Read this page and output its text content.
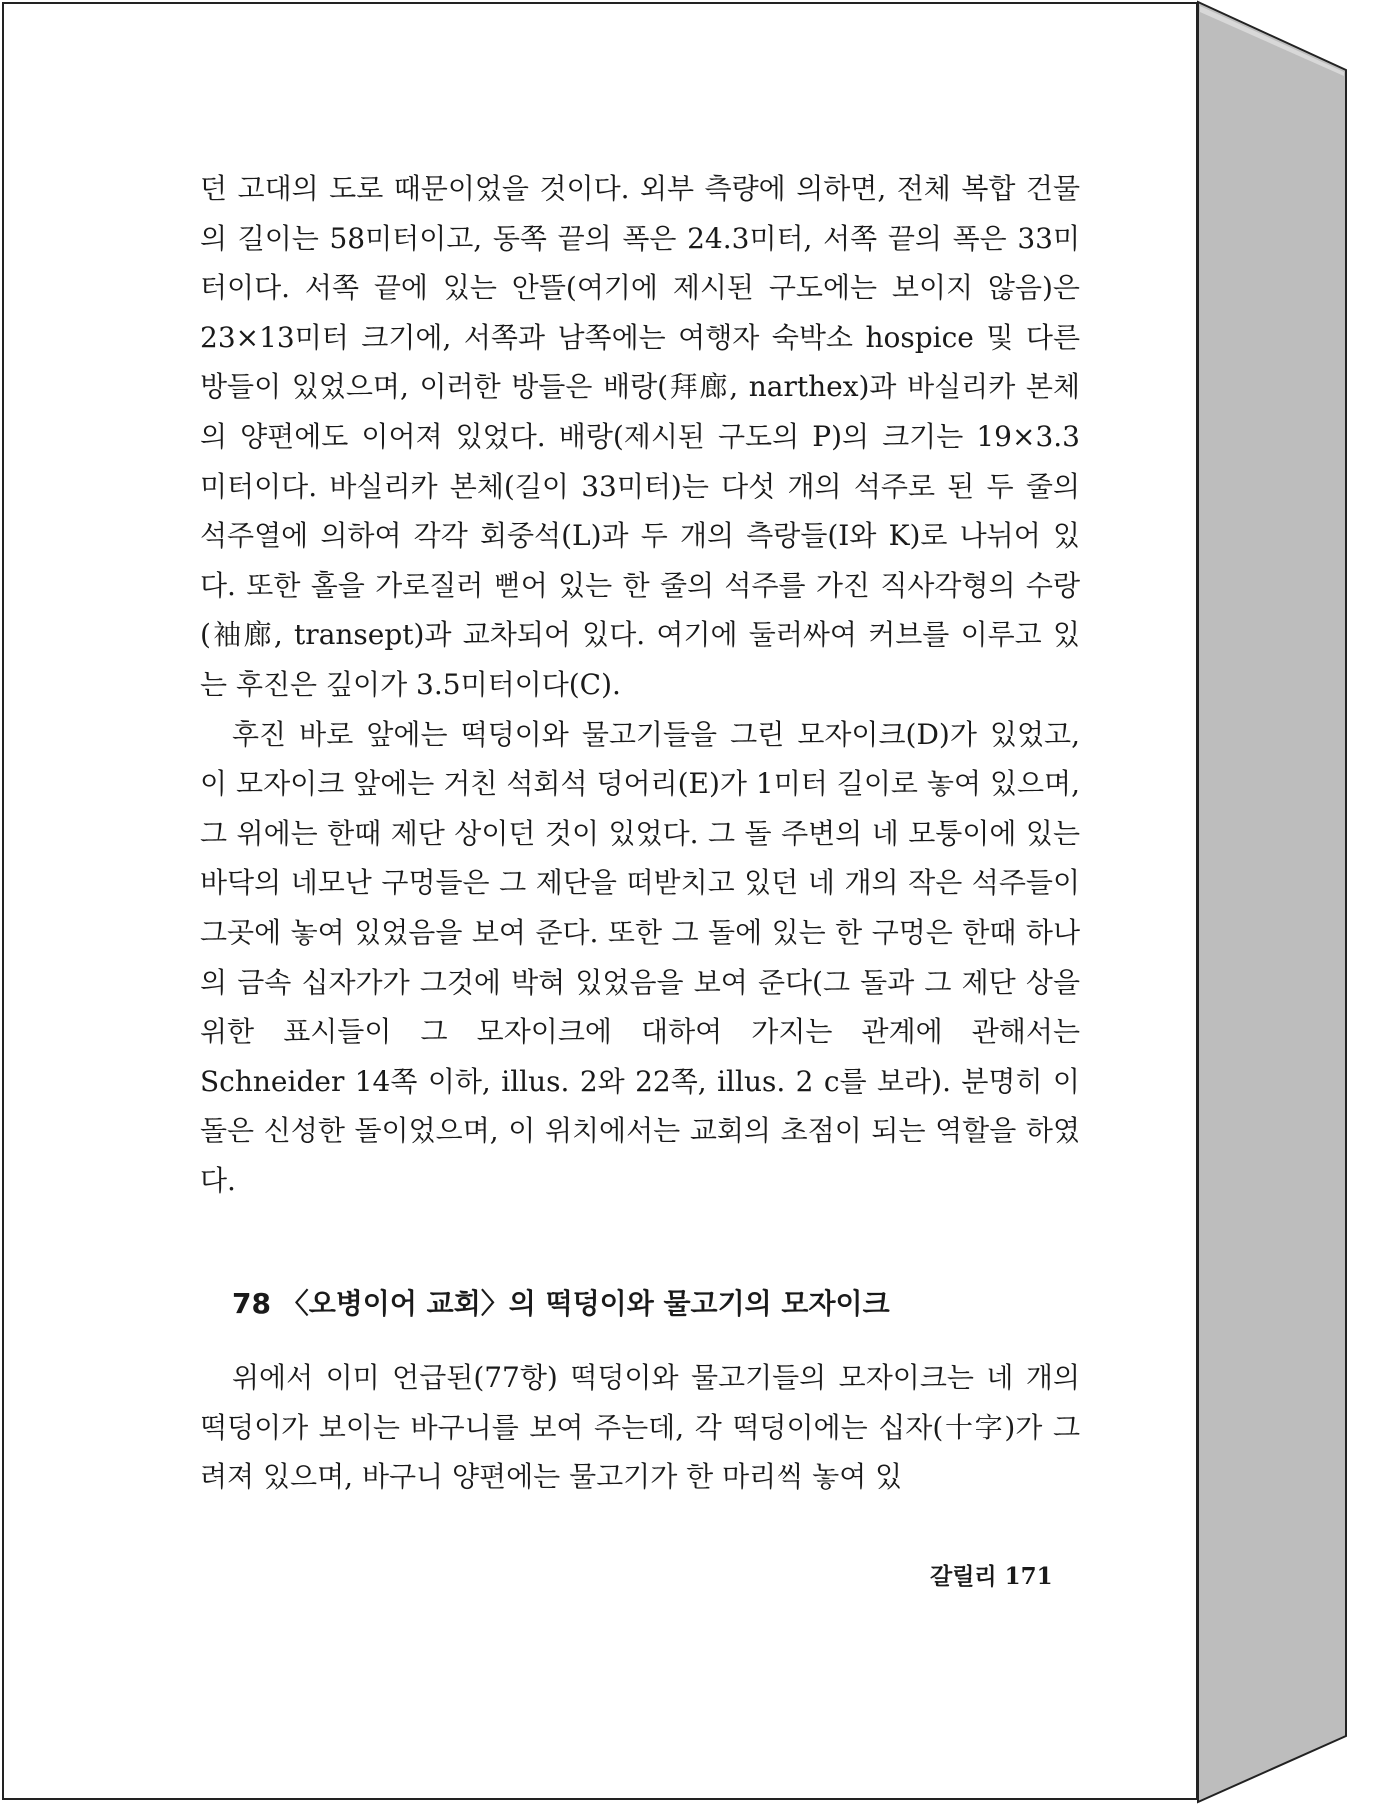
던 고대의 도로 때문이었을 것이다. 외부 측량에 의하면, 전체 복합 건물의 길이는 58미터이고, 동쪽 끝의 폭은 24.3미터, 서쪽 끝의 폭은 33미터이다. 서쪽 끝에 있는 안뜰(여기에 제시된 구도에는 보이지 않음)은 23×13미터 크기에, 서쪽과 남쪽에는 여행자 숙박소 hospice 및 다른 방들이 있었으며, 이러한 방들은 배랑(拜廊, narthex)과 바실리카 본체의 양편에도 이어져 있었다. 배랑(제시된 구도의 P)의 크기는 19×3.3 미터이다. 바실리카 본체(길이 33미터)는 다섯 개의 석주로 된 두 줄의 석주열에 의하여 각각 회중석(L)과 두 개의 측랑들(I와 K)로 나뉘어 있다. 또한 홀을 가로질러 뻗어 있는 한 줄의 석주를 가진 직사각형의 수랑(袖廊, transept)과 교차되어 있다. 여기에 둘러싸여 커브를 이루고 있는 후진은 깊이가 3.5미터이다(C).

후진 바로 앞에는 떡덩이와 물고기들을 그린 모자이크(D)가 있었고, 이 모자이크 앞에는 거친 석회석 덩어리(E)가 1미터 길이로 놓여 있으며, 그 위에는 한때 제단 상이던 것이 있었다. 그 돌 주변의 네 모퉁이에 있는 바닥의 네모난 구멍들은 그 제단을 떠받치고 있던 네 개의 작은 석주들이 그곳에 놓여 있었음을 보여 준다. 또한 그 돌에 있는 한 구멍은 한때 하나의 금속 십자가가 그것에 박혀 있었음을 보여 준다(그 돌과 그 제단 상을 위한 표시들이 그 모자이크에 대하여 가지는 관계에 관해서는 Schneider 14쪽 이하, illus. 2와 22쪽, illus. 2 c를 보라). 분명히 이 돌은 신성한 돌이었으며, 이 위치에서는 교회의 초점이 되는 역할을 하였다.

78 〈오병이어 교회〉의 떡덩이와 물고기의 모자이크

위에서 이미 언급된(77항) 떡덩이와 물고기들의 모자이크는 네 개의 떡덩이가 보이는 바구니를 보여 주는데, 각 떡덩이에는 십자(十字)가 그려져 있으며, 바구니 양편에는 물고기가 한 마리씩 놓여 있

갈릴리 171
